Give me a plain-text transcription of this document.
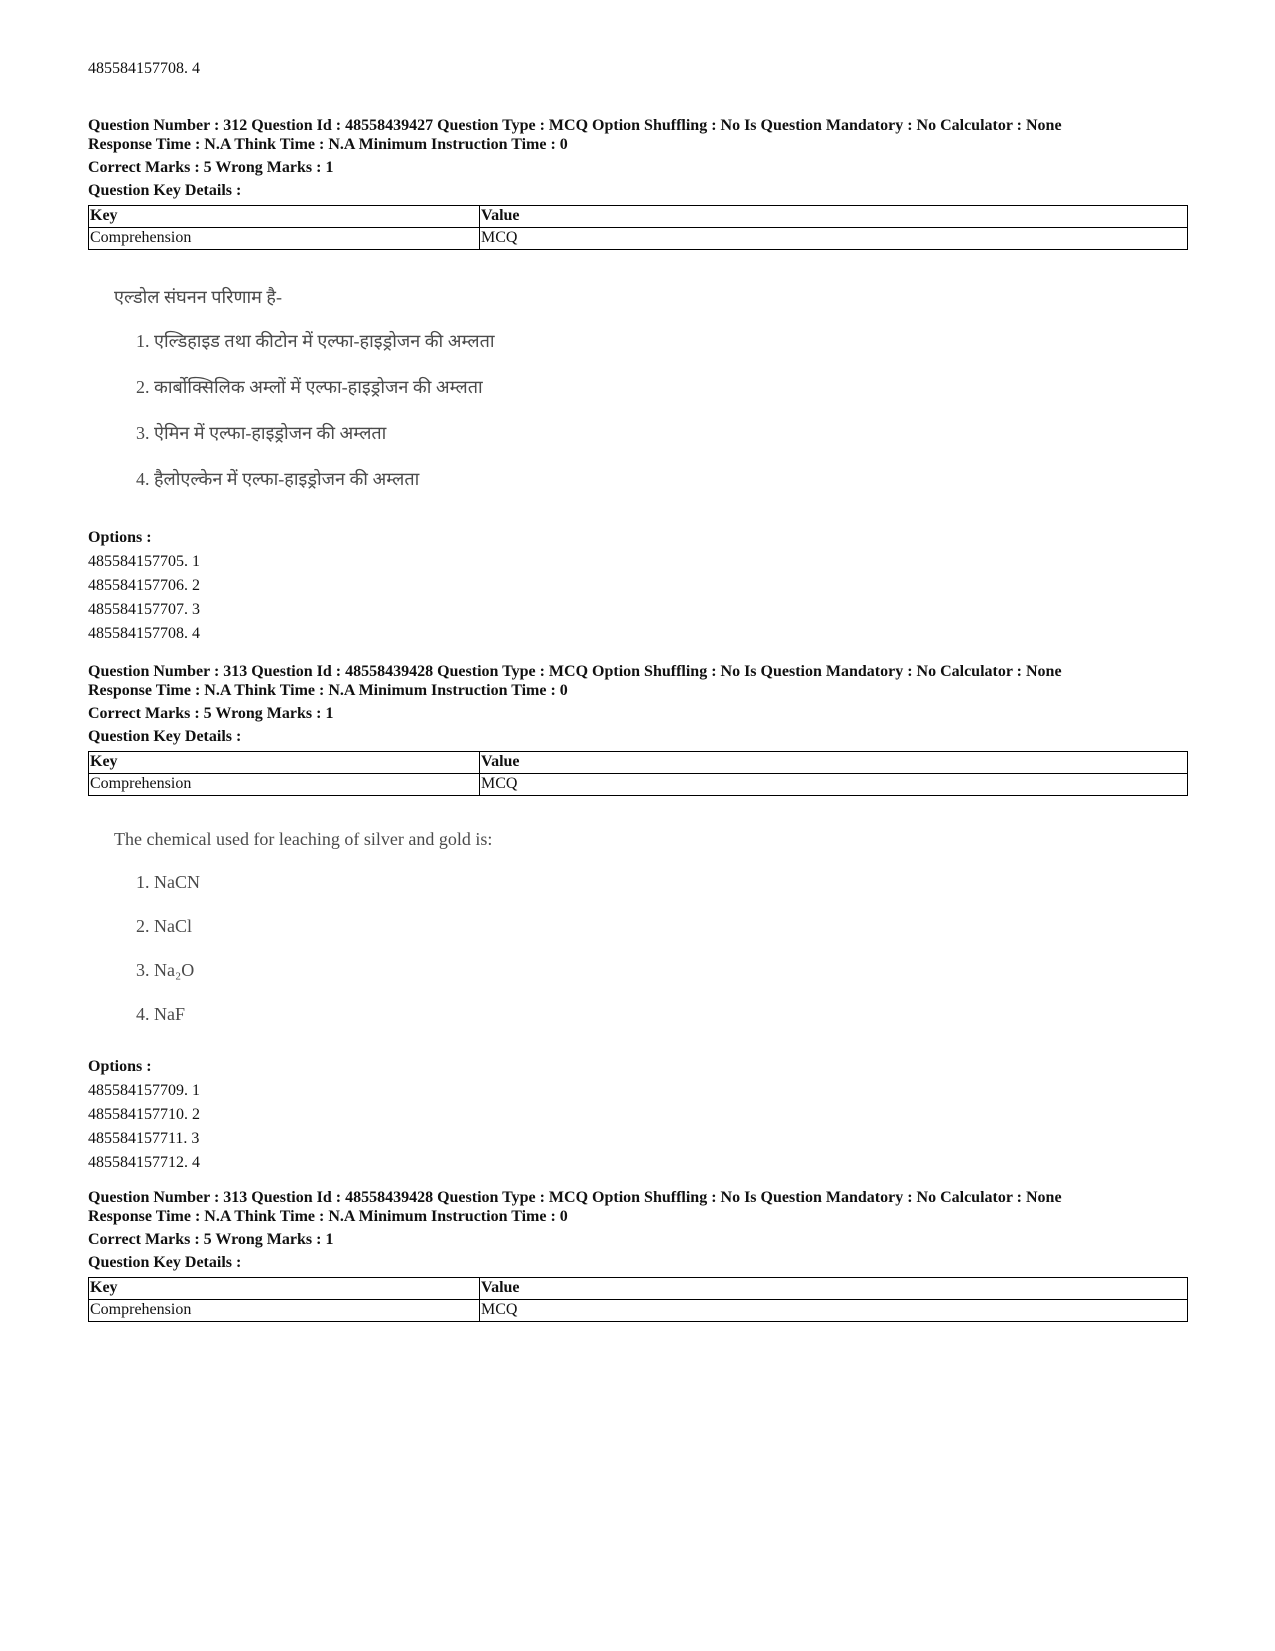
485584157708. 4
Question Number : 312 Question Id : 48558439427 Question Type : MCQ Option Shuffling : No Is Question Mandatory : No Calculator : None
Response Time : N.A Think Time : N.A Minimum Instruction Time : 0
Correct Marks : 5 Wrong Marks : 1
Question Key Details :
Key	Value
Comprehension	MCQ
एल्डोल संघनन परिणाम है-
1. एल्डिहाइड तथा कीटोन में एल्फा-हाइड्रोजन की अम्लता
2. कार्बोक्सिलिक अम्लों में एल्फा-हाइड्रोजन की अम्लता
3. ऐमिन में एल्फा-हाइड्रोजन की अम्लता
4. हैलोएल्केन में एल्फा-हाइड्रोजन की अम्लता
Options :
485584157705. 1
485584157706. 2
485584157707. 3
485584157708. 4
Question Number : 313 Question Id : 48558439428 Question Type : MCQ Option Shuffling : No Is Question Mandatory : No Calculator : None
Response Time : N.A Think Time : N.A Minimum Instruction Time : 0
Correct Marks : 5 Wrong Marks : 1
Question Key Details :
Key	Value
Comprehension	MCQ
The chemical used for leaching of silver and gold is:
1. NaCN
2. NaCl
3. Na₂O
4. NaF
Options :
485584157709. 1
485584157710. 2
485584157711. 3
485584157712. 4
Question Number : 313 Question Id : 48558439428 Question Type : MCQ Option Shuffling : No Is Question Mandatory : No Calculator : None
Response Time : N.A Think Time : N.A Minimum Instruction Time : 0
Correct Marks : 5 Wrong Marks : 1
Question Key Details :
Key	Value
Comprehension	MCQ
